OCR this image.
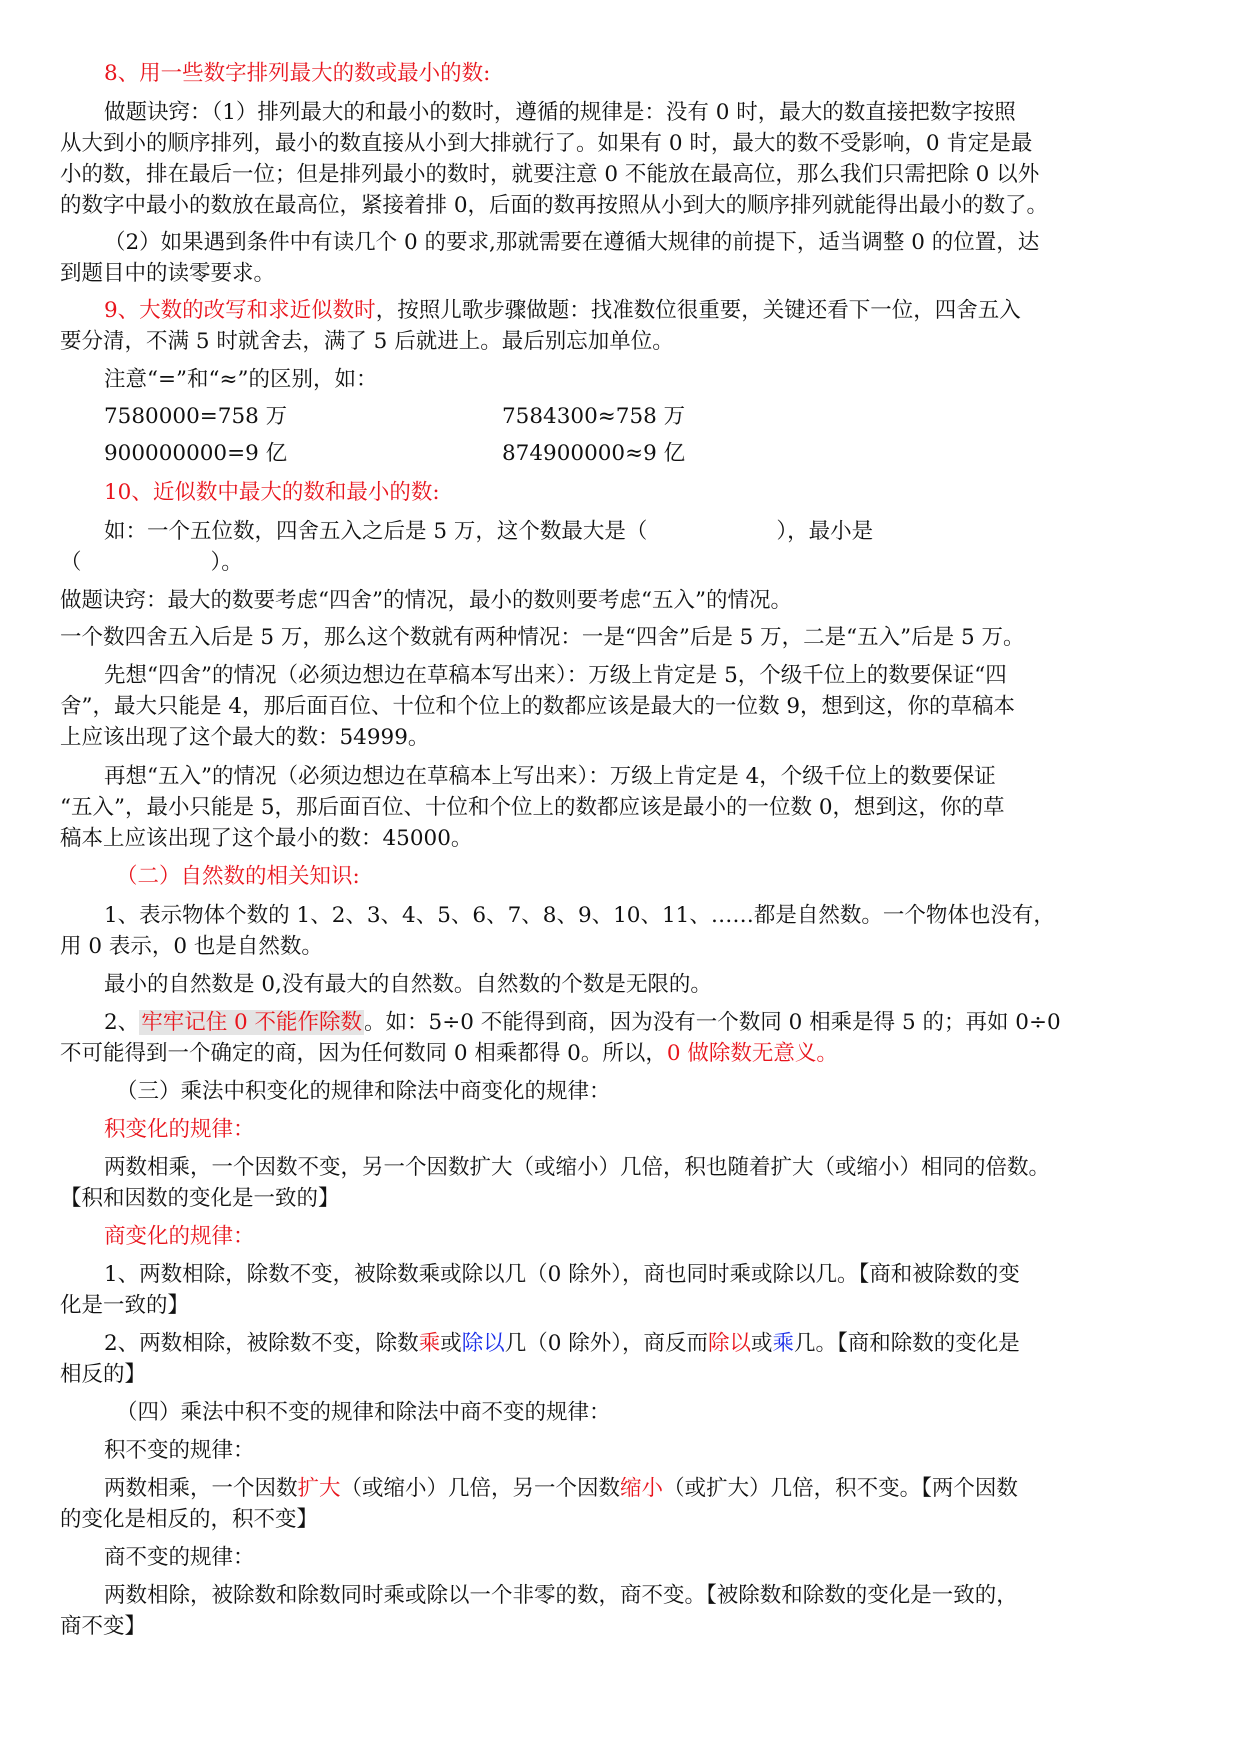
8、用一些数字排列最大的数或最小的数:
做题诀窍：（1）排列最大的和最小的数时，遵循的规律是：没有 0 时，最大的数直接把数字按照
从大到小的顺序排列，最小的数直接从小到大排就行了。如果有 0 时，最大的数不受影响，0 肯定是最
小的数，排在最后一位；但是排列最小的数时，就要注意 0 不能放在最高位，那么我们只需把除 0 以外
的数字中最小的数放在最高位，紧接着排 0，后面的数再按照从小到大的顺序排列就能得出最小的数了。
（2）如果遇到条件中有读几个 0 的要求,那就需要在遵循大规律的前提下，适当调整 0 的位置，达
到题目中的读零要求。
9、大数的改写和求近似数时，按照儿歌步骤做题：找准数位很重要，关键还看下一位，四舍五入
要分清，不满 5 时就舍去，满了 5 后就进上。最后别忘加单位。
注意“=”和“≈”的区别，如：
7580000=758 万	7584300≈758 万
900000000=9 亿	874900000≈9 亿
10、近似数中最大的数和最小的数:
如：一个五位数，四舍五入之后是 5 万，这个数最大是（　　　　　　），最小是
（　　　　　　）。
做题诀窍：最大的数要考虑“四舍”的情况，最小的数则要考虑“五入”的情况。
一个数四舍五入后是 5 万，那么这个数就有两种情况：一是“四舍”后是 5 万，二是“五入”后是 5 万。
先想“四舍”的情况（必须边想边在草稿本写出来）：万级上肯定是 5，个级千位上的数要保证“四
舍”，最大只能是 4，那后面百位、十位和个位上的数都应该是最大的一位数 9，想到这，你的草稿本
上应该出现了这个最大的数：54999。
再想“五入”的情况（必须边想边在草稿本上写出来）：万级上肯定是 4，个级千位上的数要保证
“五入”，最小只能是 5，那后面百位、十位和个位上的数都应该是最小的一位数 0，想到这，你的草
稿本上应该出现了这个最小的数：45000。
（二）自然数的相关知识:
1、表示物体个数的 1、2、3、4、5、6、7、8、9、10、11、……都是自然数。一个物体也没有，
用 0 表示，0 也是自然数。
最小的自然数是 0,没有最大的自然数。自然数的个数是无限的。
2、牢牢记住 0 不能作除数。如：5÷0 不能得到商，因为没有一个数同 0 相乘是得 5 的；再如 0÷0
不可能得到一个确定的商，因为任何数同 0 相乘都得 0。所以，0 做除数无意义。
（三）乘法中积变化的规律和除法中商变化的规律：
积变化的规律：
两数相乘，一个因数不变，另一个因数扩大（或缩小）几倍，积也随着扩大（或缩小）相同的倍数。
【积和因数的变化是一致的】
商变化的规律：
1、两数相除，除数不变，被除数乘或除以几（0 除外），商也同时乘或除以几。【商和被除数的变
化是一致的】
2、两数相除，被除数不变，除数乘或除以几（0 除外），商反而除以或乘几。【商和除数的变化是
相反的】
（四）乘法中积不变的规律和除法中商不变的规律：
积不变的规律：
两数相乘，一个因数扩大（或缩小）几倍，另一个因数缩小（或扩大）几倍，积不变。【两个因数
的变化是相反的，积不变】
商不变的规律：
两数相除，被除数和除数同时乘或除以一个非零的数，商不变。【被除数和除数的变化是一致的，
商不变】
